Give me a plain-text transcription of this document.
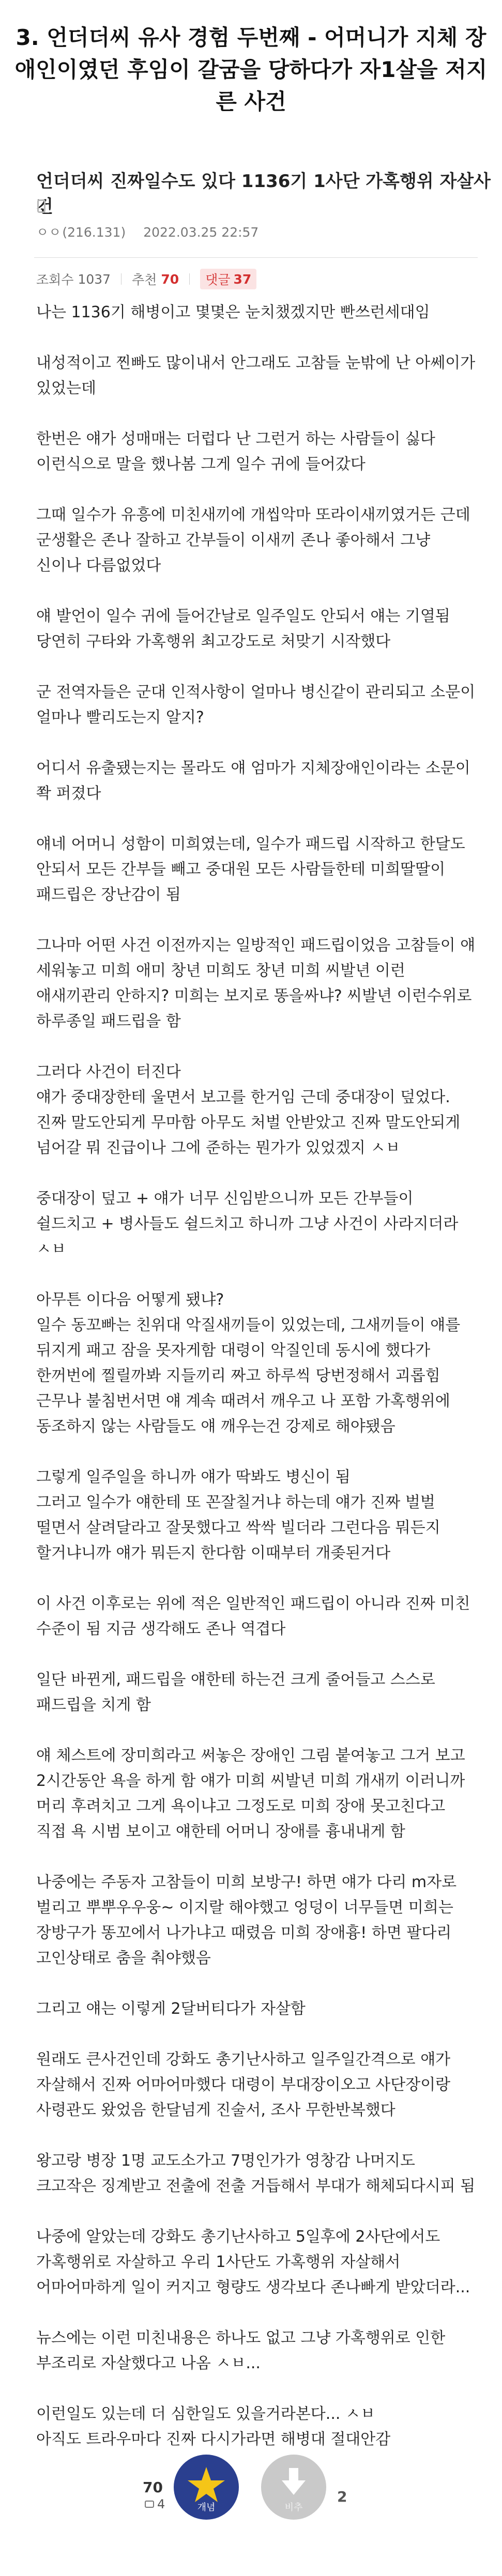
3. 언더더씨 유사 경험 두번째 - 어머니가 지체 장애인이였던 후임이 갈굼을 당하다가 자1살을 저지른 사건
언더더씨 진짜일수도 있다 1136기 1사단 가혹행위 자살사건
ㅇㅇ(216.131) 2022.03.25 22:57
조회수 1037 추천 70 댓글 37

나는 1136기 해병이고 몇몇은 눈치챘겠지만 빤쓰런세대임

내성적이고 찐빠도 많이내서 안그래도 고참들 눈밖에 난 아쎄이가 있었는데

한번은 얘가 성매매는 더럽다 난 그런거 하는 사람들이 싫다 이런식으로 말을 했나봄 그게 일수 귀에 들어갔다

그때 일수가 유흥에 미친새끼에 개씹악마 또라이새끼였거든 근데 군생활은 존나 잘하고 간부들이 이새끼 존나 좋아해서 그냥 신이나 다름없었다

얘 발언이 일수 귀에 들어간날로 일주일도 안되서 얘는 기열됨 당연히 구타와 가혹행위 최고강도로 처맞기 시작했다

군 전역자들은 군대 인적사항이 얼마나 병신같이 관리되고 소문이 얼마나 빨리도는지 알지?

어디서 유출됐는지는 몰라도 얘 엄마가 지체장애인이라는 소문이 쫙 퍼졌다

얘네 어머니 성함이 미희였는데, 일수가 패드립 시작하고 한달도 안되서 모든 간부들 빼고 중대원 모든 사람들한테 미희딸딸이 패드립은 장난감이 됨

그나마 어떤 사건 이전까지는 일방적인 패드립이었음 고참들이 얘 세워놓고 미희 애미 창년 미희도 창년 미희 씨발년 이런 애새끼관리 안하지? 미희는 보지로 똥을싸냐? 씨발년 이런수위로 하루종일 패드립을 함

그러다 사건이 터진다
얘가 중대장한테 울면서 보고를 한거임 근데 중대장이 덮었다. 진짜 말도안되게 무마함 아무도 처벌 안받았고 진짜 말도안되게 넘어갈 뭐 진급이나 그에 준하는 뭔가가 있었겠지 ㅅㅂ

중대장이 덮고 + 얘가 너무 신임받으니까 모든 간부들이 쉴드치고 + 병사들도 쉴드치고 하니까 그냥 사건이 사라지더라 ㅅㅂ

아무튼 이다음 어떻게 됐냐?
일수 동꼬빠는 친위대 악질새끼들이 있었는데, 그새끼들이 얘를 뒤지게 패고 잠을 못자게함 대령이 악질인데 동시에 했다가 한꺼번에 찔릴까봐 지들끼리 짜고 하루씩 당번정해서 괴롭힘 근무나 불침번서면 얘 계속 때려서 깨우고 나 포함 가혹행위에 동조하지 않는 사람들도 얘 깨우는건 강제로 해야됐음

그렇게 일주일을 하니까 얘가 딱봐도 병신이 됨
그러고 일수가 얘한테 또 꼰잘칠거냐 하는데 얘가 진짜 벌벌 떨면서 살려달라고 잘못했다고 싹싹 빌더라 그런다음 뭐든지 할거냐니까 얘가 뭐든지 한다함 이때부터 개좆된거다

이 사건 이후로는 위에 적은 일반적인 패드립이 아니라 진짜 미친 수준이 됨 지금 생각해도 존나 역겹다

일단 바뀐게, 패드립을 얘한테 하는건 크게 줄어들고 스스로 패드립을 치게 함

얘 체스트에 장미희라고 써놓은 장애인 그림 붙여놓고 그거 보고 2시간동안 욕을 하게 함 얘가 미희 씨발년 미희 개새끼 이러니까 머리 후려치고 그게 욕이냐고 그정도로 미희 장애 못고친다고 직접 욕 시범 보이고 얘한테 어머니 장애를 흉내내게 함

나중에는 주동자 고참들이 미희 보방구! 하면 얘가 다리 m자로 벌리고 뿌뿌우우웅~ 이지랄 해야했고 엉덩이 너무들면 미희는 장방구가 똥꼬에서 나가냐고 때렸음 미희 장애흉! 하면 팔다리 고인상태로 춤을 춰야했음

그리고 얘는 이렇게 2달버티다가 자살함

원래도 큰사건인데 강화도 총기난사하고 일주일간격으로 얘가 자살해서 진짜 어마어마했다 대령이 부대장이오고 사단장이랑 사령관도 왔었음 한달넘게 진술서, 조사 무한반복했다

왕고랑 병장 1명 교도소가고 7명인가가 영창감 나머지도 크고작은 징계받고 전출에 전출 거듭해서 부대가 해체되다시피 됨

나중에 알았는데 강화도 총기난사하고 5일후에 2사단에서도 가혹행위로 자살하고 우리 1사단도 가혹행위 자살해서 어마어마하게 일이 커지고 형량도 생각보다 존나빠게 받았더라...

뉴스에는 이런 미친내용은 하나도 없고 그냥 가혹행위로 인한 부조리로 자살했다고 나옴 ㅅㅂ...

이런일도 있는데 더 심한일도 있을거라본다... ㅅㅂ
아직도 트라우마다 진짜 다시가라면 해병대 절대안감

70
4	개념	비추
2
